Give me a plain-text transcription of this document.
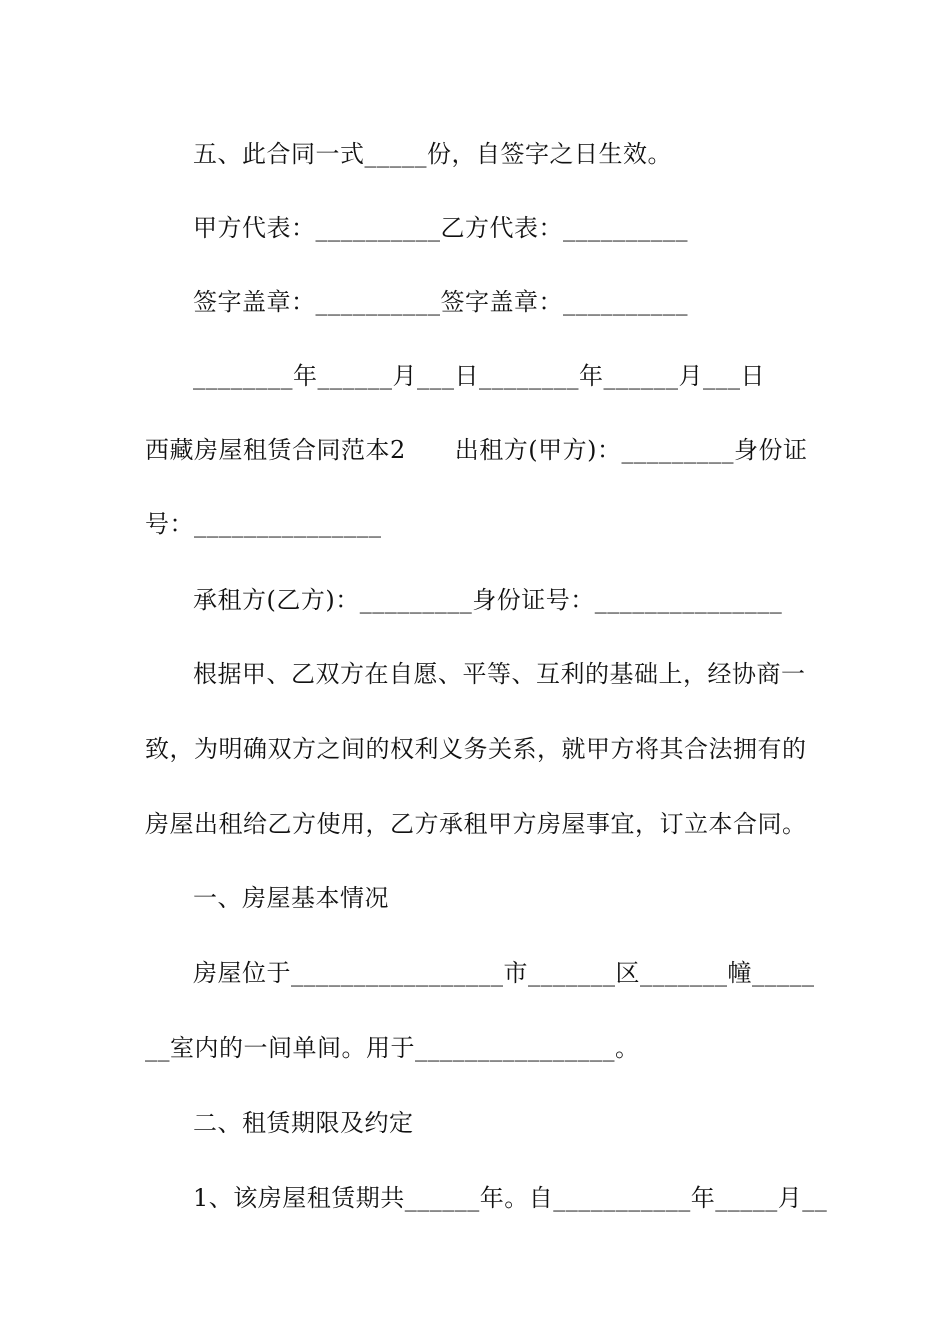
五、此合同一式_____份，自签字之日生效。
甲方代表：__________乙方代表：__________
签字盖章：__________签字盖章：__________
________年______月___日________年______月___日
西藏房屋租赁合同范本2　　出租方(甲方)：_________身份证
号：_______________
承租方(乙方)：_________身份证号：_______________
根据甲、乙双方在自愿、平等、互利的基础上，经协商一
致，为明确双方之间的权利义务关系，就甲方将其合法拥有的
房屋出租给乙方使用，乙方承租甲方房屋事宜，订立本合同。
一、房屋基本情况
房屋位于_________________市_______区_______幢_____
__室内的一间单间。用于________________。
二、租赁期限及约定
1、该房屋租赁期共______年。自___________年_____月__
